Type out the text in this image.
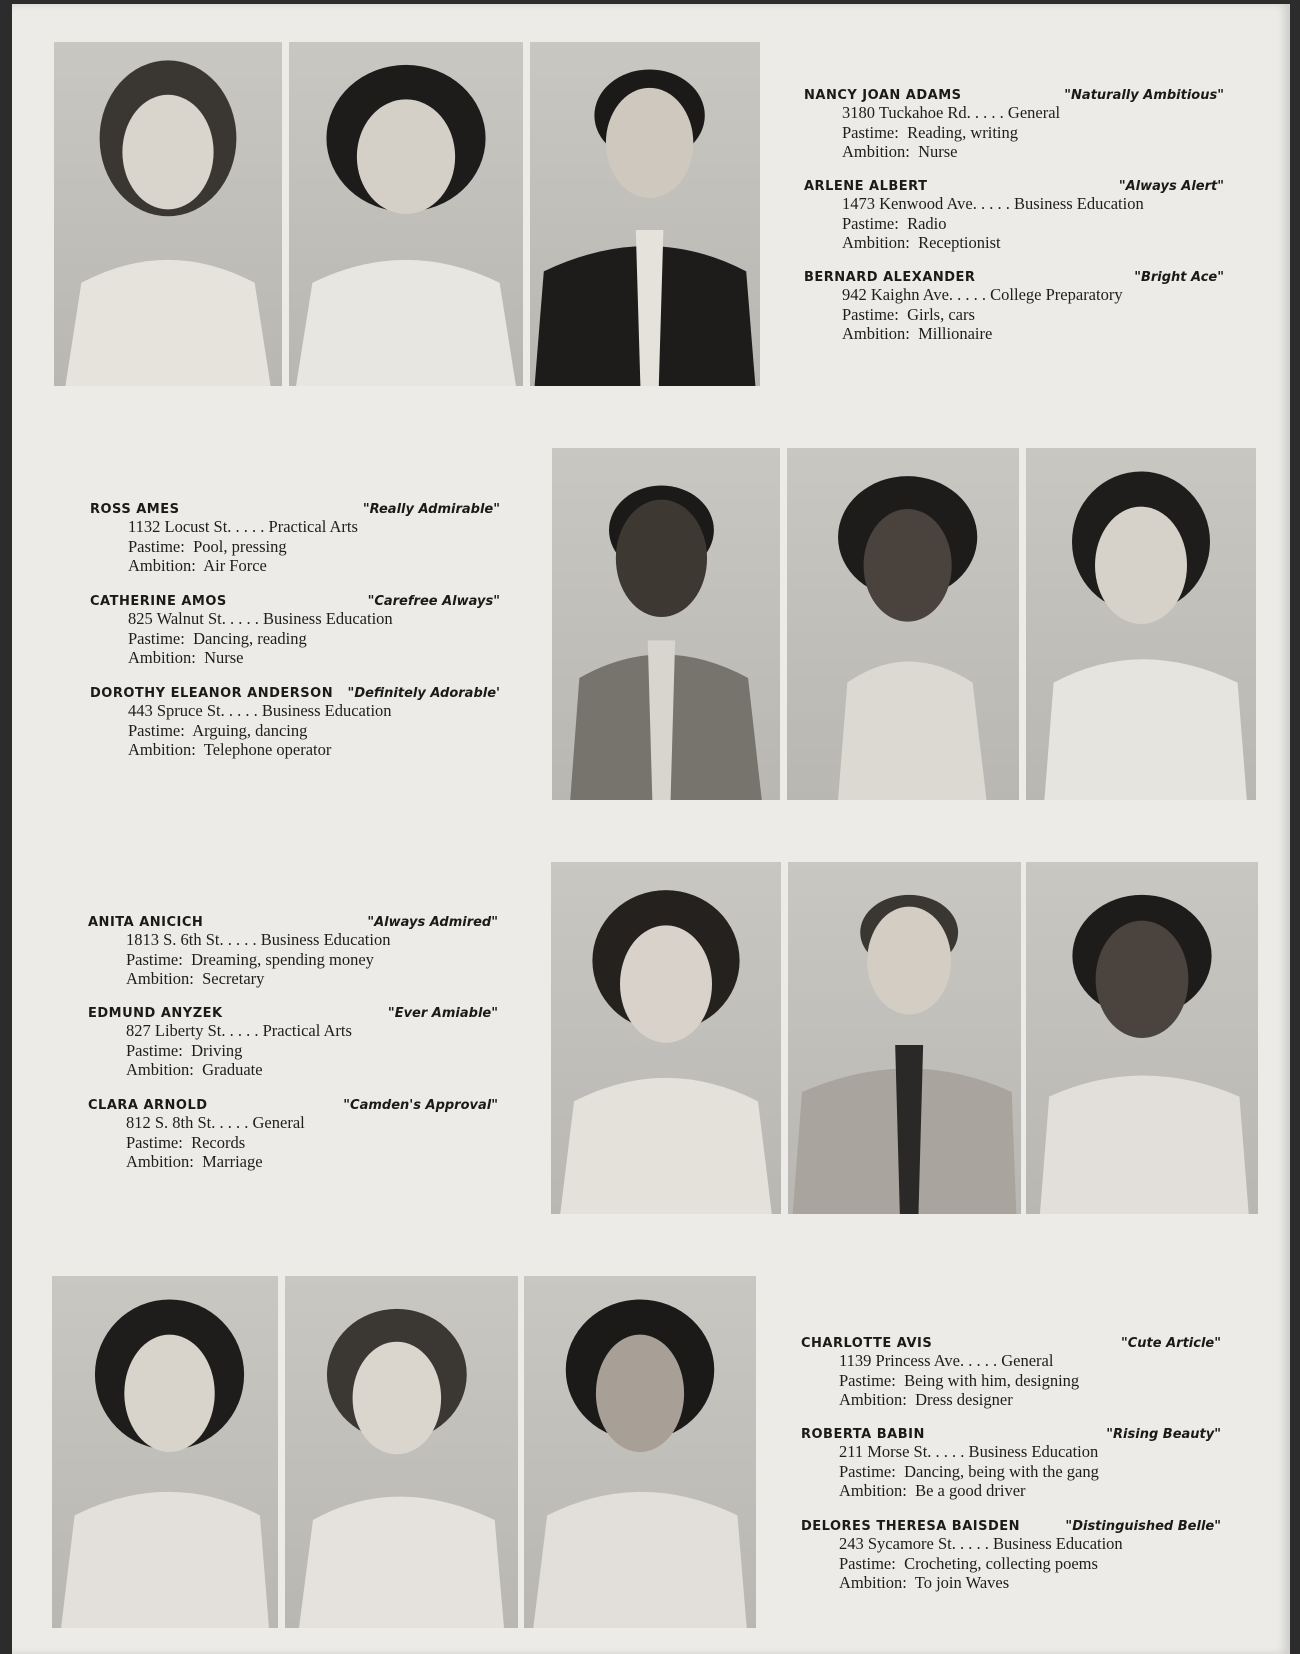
NANCY JOAN ADAMS	"Naturally Ambitious"
3180 Tuckahoe Rd. . . . . General
Pastime: Reading, writing
Ambition: Nurse
ARLENE ALBERT	"Always Alert"
1473 Kenwood Ave. . . . . Business Education
Pastime: Radio
Ambition: Receptionist
BERNARD ALEXANDER	"Bright Ace"
942 Kaighn Ave. . . . . College Preparatory
Pastime: Girls, cars
Ambition: Millionaire
ROSS AMES	"Really Admirable"
1132 Locust St. . . . . Practical Arts
Pastime: Pool, pressing
Ambition: Air Force
CATHERINE AMOS	"Carefree Always"
825 Walnut St. . . . . Business Education
Pastime: Dancing, reading
Ambition: Nurse
DOROTHY ELEANOR ANDERSON "Definitely Adorable'
443 Spruce St. . . . . Business Education
Pastime: Arguing, dancing
Ambition: Telephone operator
ANITA ANICICH	"Always Admired"
1813 S. 6th St. . . . . Business Education
Pastime: Dreaming, spending money
Ambition: Secretary
EDMUND ANYZEK	"Ever Amiable"
827 Liberty St. . . . . Practical Arts
Pastime: Driving
Ambition: Graduate
CLARA ARNOLD	"Camden's Approval"
812 S. 8th St. . . . . General
Pastime: Records
Ambition: Marriage
CHARLOTTE AVIS	"Cute Article"
1139 Princess Ave. . . . . General
Pastime: Being with him, designing
Ambition: Dress designer
ROBERTA BABIN	"Rising Beauty"
211 Morse St. . . . . Business Education
Pastime: Dancing, being with the gang
Ambition: Be a good driver
DELORES THERESA BAISDEN	"Distinguished Belle"
243 Sycamore St. . . . . Business Education
Pastime: Crocheting, collecting poems
Ambition: To join Waves
